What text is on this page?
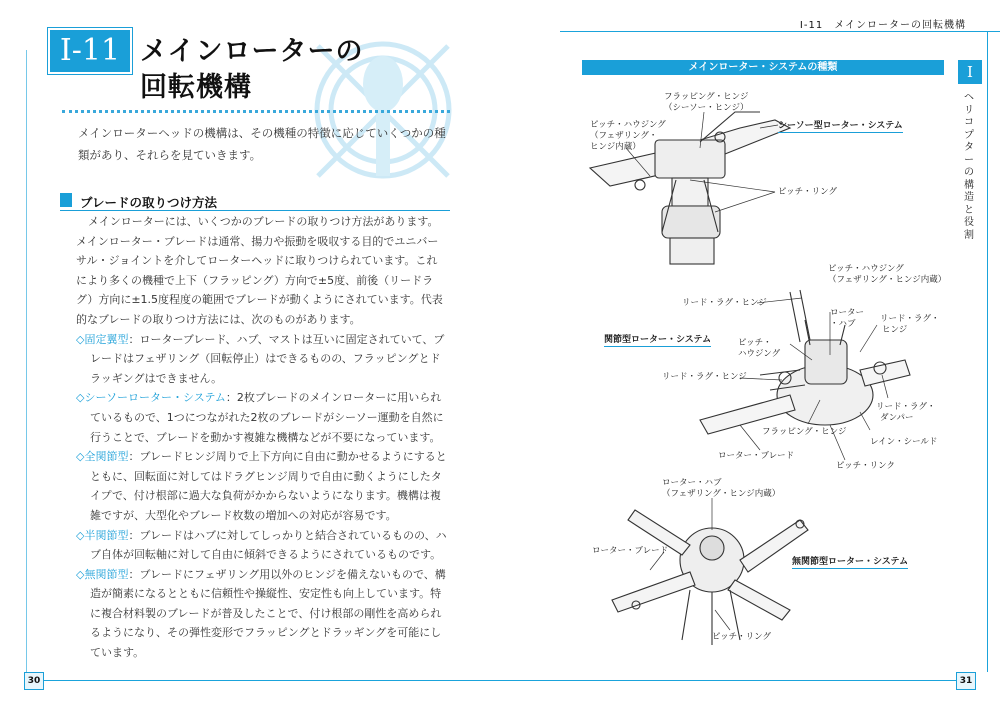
Ⅰ-11　メインローターの回転機構
Ⅰ-11 メインローターの
回転機構
メインローターヘッドの機構は、その機種の特徴に応じていくつかの種類があり、それらを見ていきます。
ブレードの取りつけ方法

メインローターには、いくつかのブレードの取りつけ方法があります。メインローター・ブレードは通常、揚力や振動を吸収する目的でユニバーサル・ジョイントを介してローターヘッドに取りつけられています。これにより多くの機種で上下（フラッピング）方向で±5度、前後（リードラグ）方向に±1.5度程度の範囲でブレードが動くようにされています。代表的なブレードの取りつけ方法には、次のものがあります。

◇固定翼型：ローターブレード、ハブ、マストは互いに固定されていて、ブレードはフェザリング（回転停止）はできるものの、フラッピングとドラッギングはできません。

◇シーソーローター・システム：2枚ブレードのメインローターに用いられているもので、1つにつながれた2枚のブレードがシーソー運動を自然に行うことで、ブレードを動かす複雑な機構などが不要になっています。

◇全関節型：ブレードヒンジ周りで上下方向に自由に動かせるようにするとともに、回転面に対してはドラグヒンジ周りで自由に動くようにしたタイプで、付け根部に過大な負荷がかからないようになります。機構は複雑ですが、大型化やブレード枚数の増加への対応が容易です。

◇半関節型：ブレードはハブに対してしっかりと結合されているものの、ハブ自体が回転軸に対して自由に傾斜できるようにされているものです。

◇無関節型：ブレードにフェザリング用以外のヒンジを備えないもので、構造が簡素になるとともに信頼性や操縦性、安定性も向上しています。特に複合材料製のブレードが普及したことで、付け根部の剛性を高められるようになり、その弾性変形でフラッピングとドラッギングを可能にしています。

30	31
Ⅰ
ヘリコプターの構造と役割
メインローター・システムの種類
フラッピング・ヒンジ
（シーソー・ヒンジ）
ピッチ・ハウジング
（フェザリング・
ヒンジ内蔵）
ピッチ・リング
シーソー型ローター・システム
ピッチ・ハウジング
（フェザリング・ヒンジ内蔵）
リード・ラグ・ヒンジ
ローター
・ハブ	リード・ラグ・
ヒンジ
ピッチ・
ハウジング
リード・ラグ・ヒンジ
リード・ラグ・
ダンパー
フラッピング・ヒンジ
レイン・シールド
ローター・ブレード
ピッチ・リンク
関節型ローター・システム
ローター・ハブ
（フェザリング・ヒンジ内蔵）
ローター・ブレード
ピッチ・リング
無関節型ローター・システム
